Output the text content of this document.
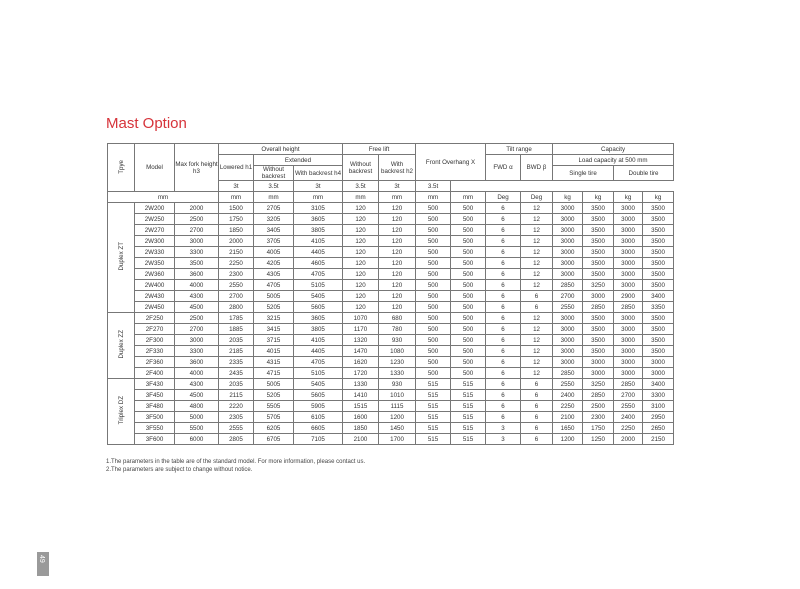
Mast Option
Tpye	Model	Max fork height h3	Overall height			Free lift		Front Overhang X		Tilt range		Capacity			
			Lowered h1	Extended		Without backrest	With backrest h2			FWD α	BWD β	Load capacity at 500 mm			
				Without backrest	With backrest h4							Single tire		Double tire	
			3t	3.5t	3t	3.5t	3t	3.5t							
mm			mm	mm	mm	mm	mm	mm	mm	Deg	Deg	kg	kg	kg	kg
Duplex ZT	2W200	2000	1500	2705	3105	120	120	500	500	6	12	3000	3500	3000	3500
	2W250	2500	1750	3205	3605	120	120	500	500	6	12	3000	3500	3000	3500
	2W270	2700	1850	3405	3805	120	120	500	500	6	12	3000	3500	3000	3500
	2W300	3000	2000	3705	4105	120	120	500	500	6	12	3000	3500	3000	3500
	2W330	3300	2150	4005	4405	120	120	500	500	6	12	3000	3500	3000	3500
	2W350	3500	2250	4205	4605	120	120	500	500	6	12	3000	3500	3000	3500
	2W360	3600	2300	4305	4705	120	120	500	500	6	12	3000	3500	3000	3500
	2W400	4000	2550	4705	5105	120	120	500	500	6	12	2850	3250	3000	3500
	2W430	4300	2700	5005	5405	120	120	500	500	6	6	2700	3000	2900	3400
	2W450	4500	2800	5205	5605	120	120	500	500	6	6	2550	2850	2850	3350
Duplex ZZ	2F250	2500	1785	3215	3605	1070	680	500	500	6	12	3000	3500	3000	3500
	2F270	2700	1885	3415	3805	1170	780	500	500	6	12	3000	3500	3000	3500
	2F300	3000	2035	3715	4105	1320	930	500	500	6	12	3000	3500	3000	3500
	2F330	3300	2185	4015	4405	1470	1080	500	500	6	12	3000	3500	3000	3500
	2F360	3600	2335	4315	4705	1620	1230	500	500	6	12	3000	3000	3000	3000
	2F400	4000	2435	4715	5105	1720	1330	500	500	6	12	2850	3000	3000	3000
Triplex DZ	3F430	4300	2035	5005	5405	1330	930	515	515	6	6	2550	3250	2850	3400
	3F450	4500	2115	5205	5605	1410	1010	515	515	6	6	2400	2850	2700	3300
	3F480	4800	2220	5505	5905	1515	1115	515	515	6	6	2250	2500	2550	3100
	3F500	5000	2305	5705	6105	1600	1200	515	515	6	6	2100	2300	2400	2950
	3F550	5500	2555	6205	6605	1850	1450	515	515	3	6	1650	1750	2250	2650
	3F600	6000	2805	6705	7105	2100	1700	515	515	3	6	1200	1250	2000	2150

1.The parameters in the table are of the standard model. For more information, please contact us.

2.The parameters are subject to change without notice.

49
